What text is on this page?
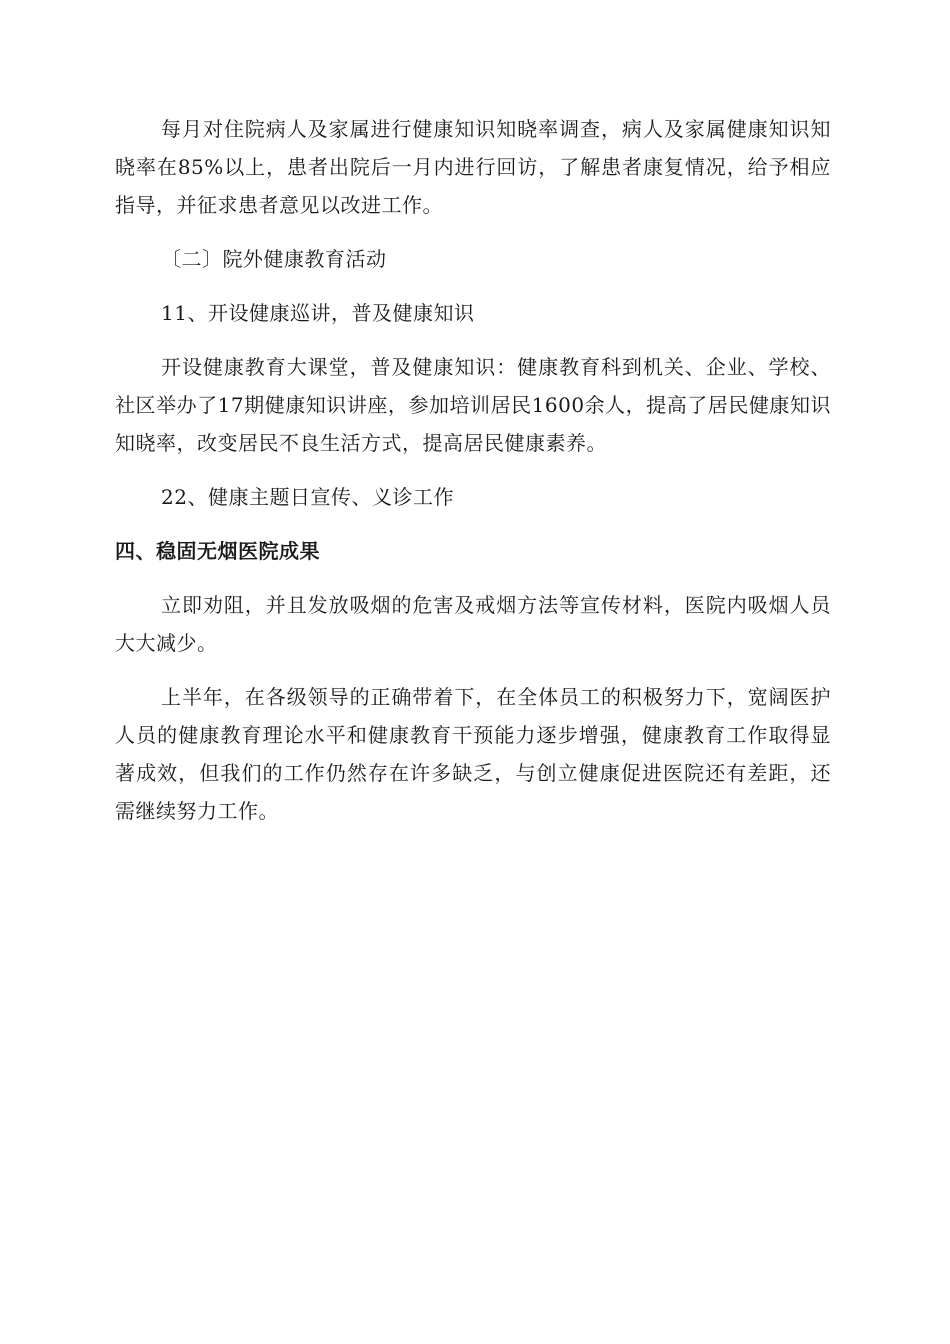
每月对住院病人及家属进行健康知识知晓率调查，病人及家属健康知识知晓率在85%以上，患者出院后一月内进行回访，了解患者康复情况，给予相应指导，并征求患者意见以改进工作。

〔二〕院外健康教育活动

11、开设健康巡讲，普及健康知识

开设健康教育大课堂，普及健康知识：健康教育科到机关、企业、学校、社区举办了17期健康知识讲座，参加培训居民1600余人，提高了居民健康知识知晓率，改变居民不良生活方式，提高居民健康素养。

22、健康主题日宣传、义诊工作

四、稳固无烟医院成果

立即劝阻，并且发放吸烟的危害及戒烟方法等宣传材料，医院内吸烟人员大大减少。

上半年，在各级领导的正确带着下，在全体员工的积极努力下，宽阔医护人员的健康教育理论水平和健康教育干预能力逐步增强，健康教育工作取得显著成效，但我们的工作仍然存在许多缺乏，与创立健康促进医院还有差距，还需继续努力工作。
